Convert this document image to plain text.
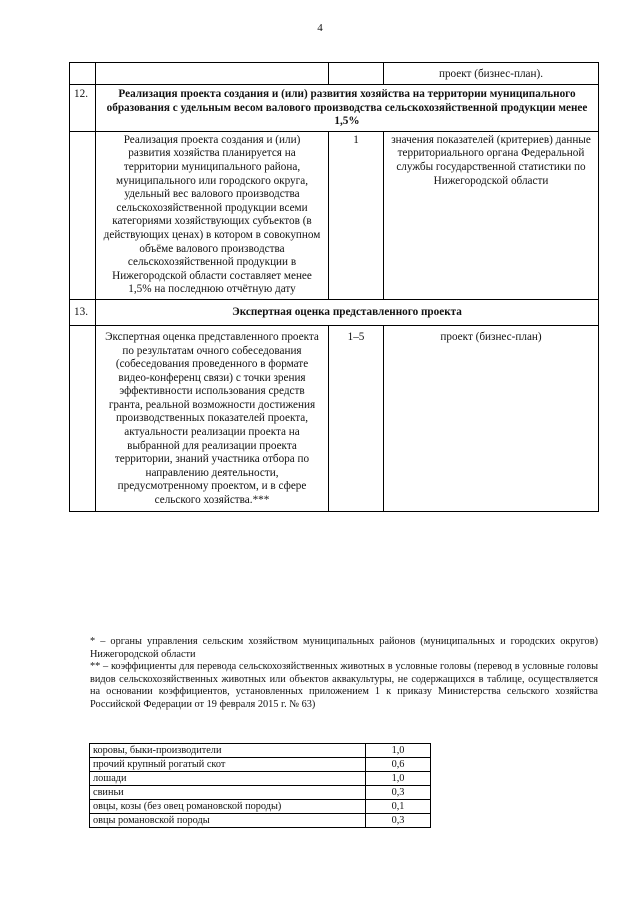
4
			проект (бизнес-план).
12.	Реализация проекта создания и (или) развития хозяйства на территории муниципального образования с удельным весом валового производства сельскохозяйственной продукции менее 1,5%		
	Реализация проекта создания и (или) развития хозяйства планируется на территории муниципального района, муниципального или городского округа, удельный вес валового производства сельскохозяйственной продукции всеми категориями хозяйствующих субъектов (в действующих ценах) в котором в совокупном объёме валового производства сельскохозяйственной продукции в Нижегородской области составляет менее 1,5% на последнюю отчётную дату	1	значения показателей (критериев) данные территориального органа Федеральной службы государственной статистики по Нижегородской области
13.	Экспертная оценка представленного проекта		
	Экспертная оценка представленного проекта по результатам очного собеседования (собеседования проведенного в формате видео-конференц связи) с точки зрения эффективности использования средств гранта, реальной возможности достижения производственных показателей проекта, актуальности реализации проекта на выбранной для реализации проекта территории, знаний участника отбора по направлению деятельности, предусмотренному проектом, и в сфере сельского хозяйства.***	1–5	проект (бизнес-план)

* – органы управления сельским хозяйством муниципальных районов (муниципальных и городских округов) Нижегородской области

** – коэффициенты для перевода сельскохозяйственных животных в условные головы (перевод в условные головы видов сельскохозяйственных животных или объектов аквакультуры, не содержащихся в таблице, осуществляется на основании коэффициентов, установленных приложением 1 к приказу Министерства сельского хозяйства Российской Федерации от 19 февраля 2015 г. № 63)

коровы, быки-производители	1,0
прочий крупный рогатый скот	0,6
лошади	1,0
свиньи	0,3
овцы, козы (без овец романовской породы)	0,1
овцы романовской породы	0,3
